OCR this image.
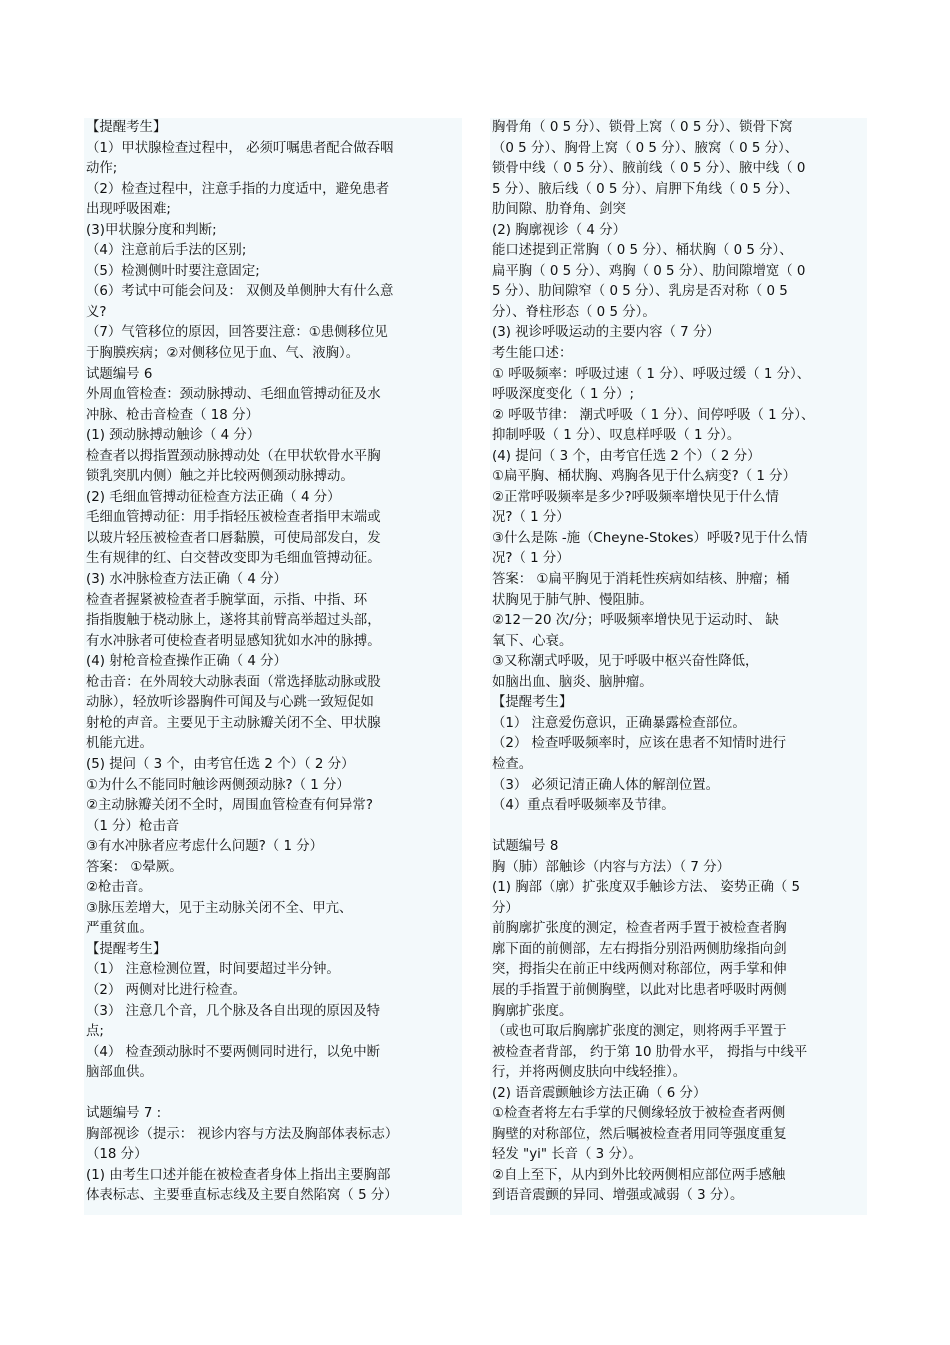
【提醒考生】
（1）甲状腺检查过程中， 必须叮嘱患者配合做吞咽
动作;
（2）检查过程中，注意手指的力度适中，避免患者
出现呼吸困难;
(3)甲状腺分度和判断;
（4）注意前后手法的区别;
（5）检测侧叶时要注意固定;
（6）考试中可能会问及： 双侧及单侧肿大有什么意
义?
（7）气管移位的原因，回答要注意：①患侧移位见
于胸膜疾病；②对侧移位见于血、气、液胸）。
试题编号 6
外周血管检查：颈动脉搏动、毛细血管搏动征及水
冲脉、枪击音检查（ 18 分）
(1) 颈动脉搏动触诊（ 4 分）
检查者以拇指置颈动脉搏动处（在甲状软骨水平胸
锁乳突肌内侧）触之并比较两侧颈动脉搏动。
(2) 毛细血管搏动征检查方法正确（ 4 分）
毛细血管搏动征：用手指轻压被检查者指甲末端或
以玻片轻压被检查者口唇黏膜，可使局部发白，发
生有规律的红、白交替改变即为毛细血管搏动征。
(3) 水冲脉检查方法正确（ 4 分）
检查者握紧被检查者手腕掌面，示指、中指、环
指指腹触于桡动脉上，遂将其前臂高举超过头部，
有水冲脉者可使检查者明显感知犹如水冲的脉搏。
(4) 射枪音检查操作正确（ 4 分）
枪击音：在外周较大动脉表面（常选择肱动脉或股
动脉），轻放听诊器胸件可闻及与心跳一致短促如
射枪的声音。主要见于主动脉瓣关闭不全、甲状腺
机能亢进。
(5) 提问（ 3 个，由考官任选 2 个）（ 2 分）
①为什么不能同时触诊两侧颈动脉?（ 1 分）
②主动脉瓣关闭不全时，周围血管检查有何异常?
（1 分）枪击音
③有水冲脉者应考虑什么问题?（ 1 分）
答案： ①晕厥。
②枪击音。
③脉压差增大，见于主动脉关闭不全、甲亢、
严重贫血。
【提醒考生】
（1） 注意检测位置，时间要超过半分钟。
（2） 两侧对比进行检查。
（3） 注意几个音，几个脉及各自出现的原因及特
点;
（4） 检查颈动脉时不要两侧同时进行，以免中断
脑部血供。
试题编号 7 :
胸部视诊（提示： 视诊内容与方法及胸部体表标志）
（18 分）
(1) 由考生口述并能在被检查者身体上指出主要胸部
体表标志、主要垂直标志线及主要自然陷窝（ 5 分）
胸骨角（ 0 5 分）、锁骨上窝（ 0 5 分）、锁骨下窝
（0 5 分）、胸骨上窝（ 0 5 分）、腋窝（ 0 5 分）、
锁骨中线（ 0 5 分）、腋前线（ 0 5 分）、腋中线（ 0
5 分）、腋后线（ 0 5 分）、肩胛下角线（ 0 5 分）、
肋间隙、肋脊角、剑突
(2) 胸廓视诊（ 4 分）
能口述提到正常胸（ 0 5 分）、桶状胸（ 0 5 分）、
扁平胸（ 0 5 分）、鸡胸（ 0 5 分）、肋间隙增宽（ 0
5 分）、肋间隙窄（ 0 5 分）、乳房是否对称（ 0 5
分）、脊柱形态（ 0 5 分）。
(3) 视诊呼吸运动的主要内容（ 7 分）
考生能口述：
① 呼吸频率：呼吸过速（ 1 分）、呼吸过缓（ 1 分）、
呼吸深度变化（ 1 分）;
② 呼吸节律： 潮式呼吸（ 1 分）、间停呼吸（ 1 分）、
抑制呼吸（ 1 分）、叹息样呼吸（ 1 分）。
(4) 提问（ 3 个，由考官任选 2 个）（ 2 分）
①扁平胸、桶状胸、鸡胸各见于什么病变?（ 1 分）
②正常呼吸频率是多少?呼吸频率增快见于什么情
况?（ 1 分）
③什么是陈 -施（Cheyne-Stokes）呼吸?见于什么情
况?（ 1 分）
答案： ①扁平胸见于消耗性疾病如结核、肿瘤；桶
状胸见于肺气肿、慢阻肺。
②12－20 次/分；呼吸频率增快见于运动时、 缺
氧下、心衰。
③又称潮式呼吸，见于呼吸中枢兴奋性降低，
如脑出血、脑炎、脑肿瘤。
【提醒考生】
（1） 注意爱伤意识，正确暴露检查部位。
（2） 检查呼吸频率时，应该在患者不知情时进行
检查。
（3） 必须记清正确人体的解剖位置。
（4）重点看呼吸频率及节律。
试题编号 8
胸（肺）部触诊（内容与方法）（ 7 分）
(1) 胸部（廓）扩张度双手触诊方法、 姿势正确（ 5
分）
前胸廓扩张度的测定，检查者两手置于被检查者胸
廓下面的前侧部，左右拇指分别沿两侧肋缘指向剑
突，拇指尖在前正中线两侧对称部位，两手掌和伸
展的手指置于前侧胸壁，以此对比患者呼吸时两侧
胸廓扩张度。
（或也可取后胸廓扩张度的测定，则将两手平置于
被检查者背部， 约于第 10 肋骨水平， 拇指与中线平
行，并将两侧皮肤向中线轻推）。
(2) 语音震颤触诊方法正确（ 6 分）
①检查者将左右手掌的尺侧缘轻放于被检查者两侧
胸壁的对称部位，然后嘱被检查者用同等强度重复
轻发 "yi" 长音（ 3 分）。
②自上至下，从内到外比较两侧相应部位两手感触
到语音震颤的异同、增强或减弱（ 3 分）。
